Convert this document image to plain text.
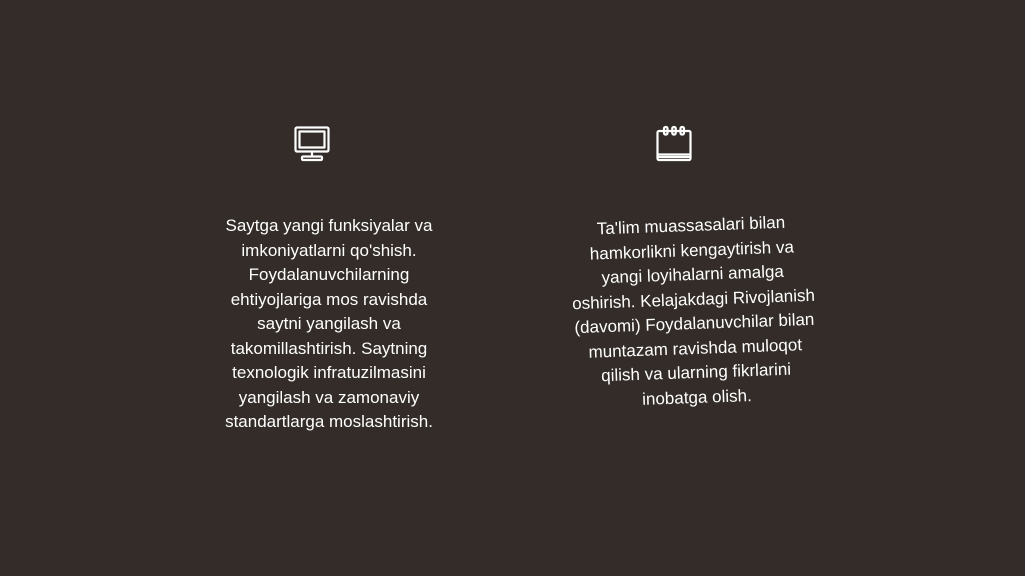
Saytga yangi funksiyalar va imkoniyatlarni qo'shish. Foydalanuvchilarning ehtiyojlariga mos ravishda saytni yangilash va takomillashtirish. Saytning texnologik infratuzilmasini yangilash va zamonaviy standartlarga moslashtirish.
Ta'lim muassasalari bilan hamkorlikni kengaytirish va yangi loyihalarni amalga oshirish. Kelajakdagi Rivojlanish (davomi) Foydalanuvchilar bilan muntazam ravishda muloqot qilish va ularning fikrlarini inobatga olish.
